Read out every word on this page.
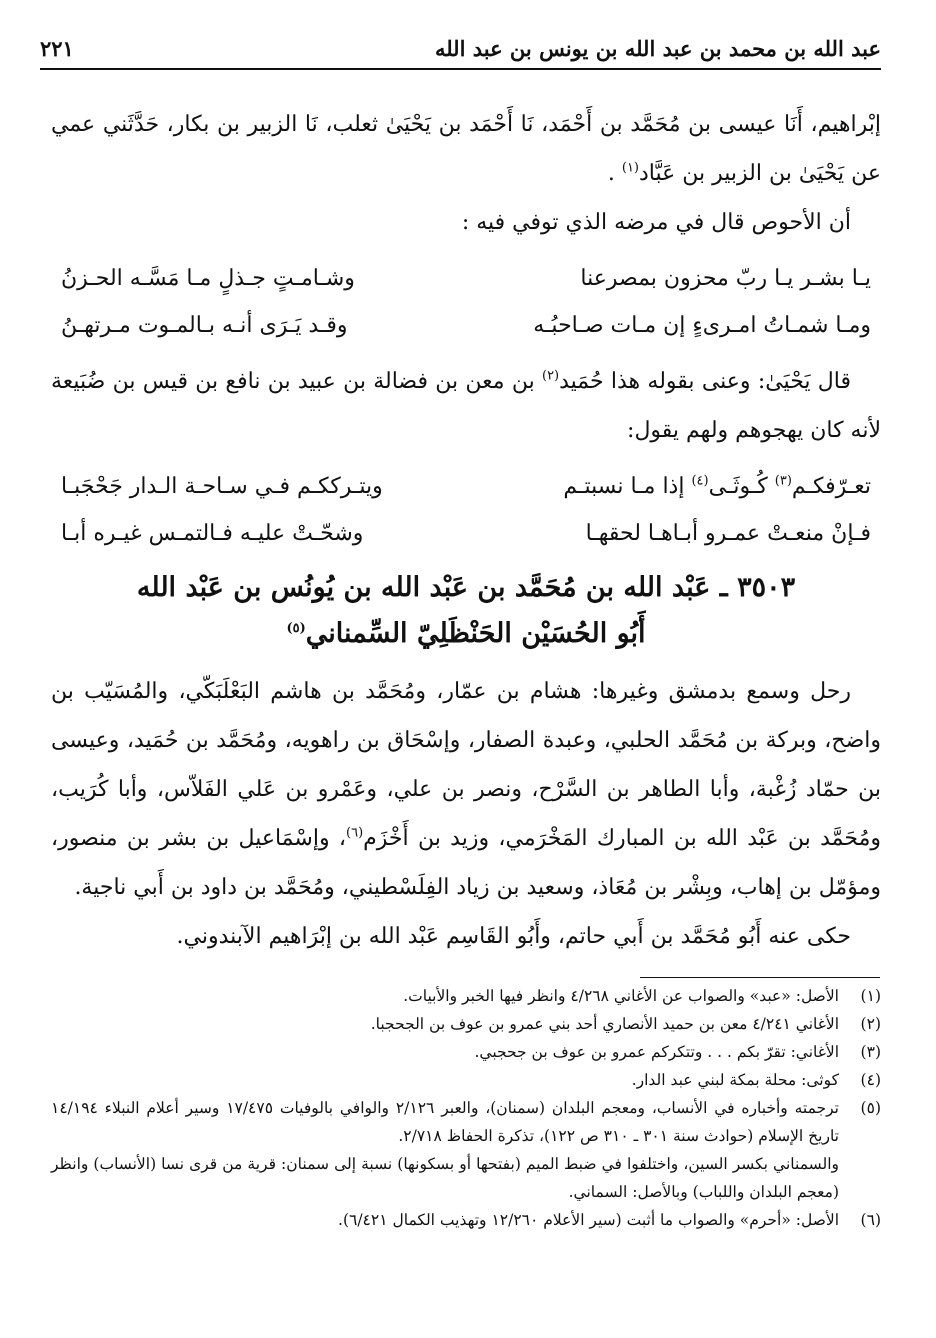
عبد الله بن محمد بن عبد الله بن يونس بن عبد الله
٢٢١

إبْراهيم، أَنَا عيسى بن مُحَمَّد بن أَحْمَد، نَا أَحْمَد بن يَحْيَىٰ ثعلب، نَا الزبير بن بكار، حَدَّثَني عمي عن يَحْيَىٰ بن الزبير بن عَبَّاد$^{(١)}$ .

أن الأحوص قال في مرضه الذي توفي فيه :

يـا بشـر يـا ربّ محزون بمصرعنا
وشـامـتٍ جـذلٍ مـا مَسَّـه الحـزنُ
ومـا شمـاتُ امـرىءٍ إن مـات صـاحبُـه
وقـد يَـرَى أنـه بـالمـوت مـرتهـنُ

قال يَحْيَىٰ: وعنى بقوله هذا حُمَيد$^{(٢)}$ بن معن بن فضالة بن عبيد بن نافع بن قيس بن ضُبَيعة لأنه كان يهجوهم ولهم يقول:

تعـرّفكـم$^{(٣)}$ كُـوثَـى$^{(٤)}$ إذا مـا نسبتـم
ويتـرككـم فـي سـاحـة الـدار جَحْجَبـا
فـإنْ منعـتْ عمـرو أبـاهـا لحقهـا
وشحّـتْ عليـه فـالتمـس غيـره أبـا
٣٥٠٣ ـ عَبْد الله بن مُحَمَّد بن عَبْد الله بن يُونُس بن عَبْد الله
أَبُو الحُسَيْن الحَنْظَلِيّ السِّمناني$^{(٥)}$

رحل وسمع بدمشق وغيرها: هشام بن عمّار، ومُحَمَّد بن هاشم البَعْلَبَكّي، والمُسَيّب بن واضح، وبركة بن مُحَمَّد الحلبي، وعبدة الصفار، وإسْحَاق بن راهويه، ومُحَمَّد بن حُمَيد، وعيسى بن حمّاد زُغْبة، وأبا الطاهر بن السَّرْح، ونصر بن علي، وعَمْرو بن عَلي الفَلاّس، وأبا كُرَيب، ومُحَمَّد بن عَبْد الله بن المبارك المَخْرَمي، وزيد بن أَخْزَم$^{(٦)}$، وإسْمَاعيل بن بشر بن منصور، ومؤمّل بن إهاب، وبِشْر بن مُعَاذ، وسعيد بن زياد الفِلَسْطيني، ومُحَمَّد بن داود بن أَبي ناجية.

حكى عنه أَبُو مُحَمَّد بن أَبي حاتم، وأَبُو القَاسِم عَبْد الله بن إبْرَاهيم الآبندوني.

(١)
الأصل: «عبد» والصواب عن الأغاني ٤/٢٦٨ وانظر فيها الخبر والأبيات.
(٢)
الأغاني ٤/٢٤١ معن بن حميد الأنصاري أحد بني عمرو بن عوف بن الجحجبا.
(٣)
الأغاني: تقرّ بكم . . . وتتكركم عمرو بن عوف بن جحجبي.
(٤)
كوثى: محلة بمكة لبني عبد الدار.
(٥)
ترجمته وأخباره في الأنساب، ومعجم البلدان (سمنان)، والعبر ٢/١٢٦ والوافي بالوفيات ١٧/٤٧٥ وسير أعلام النبلاء ١٤/١٩٤ تاريخ الإسلام (حوادث سنة ٣٠١ ـ ٣١٠ ص ١٢٢)، تذكرة الحفاظ ٢/٧١٨.
والسمناني بكسر السين، واختلفوا في ضبط الميم (بفتحها أو بسكونها) نسبة إلى سمنان: قرية من قرى نسا (الأنساب) وانظر (معجم البلدان واللباب) وبالأصل: السماني.
(٦)
الأصل: «أحرم» والصواب ما أثبت (سير الأعلام ١٢/٢٦٠ وتهذيب الكمال ٦/٤٢١).
